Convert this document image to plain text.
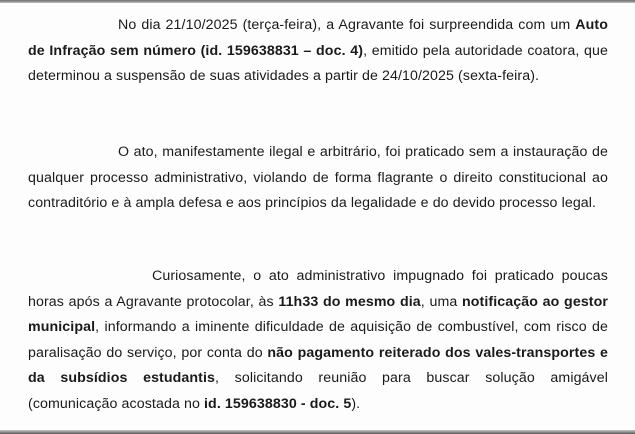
No dia 21/10/2025 (terça-feira), a Agravante foi surpreendida com um Auto de Infração sem número (id. 159638831 – doc. 4), emitido pela autoridade coatora, que determinou a suspensão de suas atividades a partir de 24/10/2025 (sexta-feira).

O ato, manifestamente ilegal e arbitrário, foi praticado sem a instauração de qualquer processo administrativo, violando de forma flagrante o direito constitucional ao contraditório e à ampla defesa e aos princípios da legalidade e do devido processo legal.

Curiosamente, o ato administrativo impugnado foi praticado poucas horas após a Agravante protocolar, às 11h33 do mesmo dia, uma notificação ao gestor municipal, informando a iminente dificuldade de aquisição de combustível, com risco de paralisação do serviço, por conta do não pagamento reiterado dos vales-transportes e da subsídios estudantis, solicitando reunião para buscar solução amigável (comunicação acostada no id. 159638830 - doc. 5).
